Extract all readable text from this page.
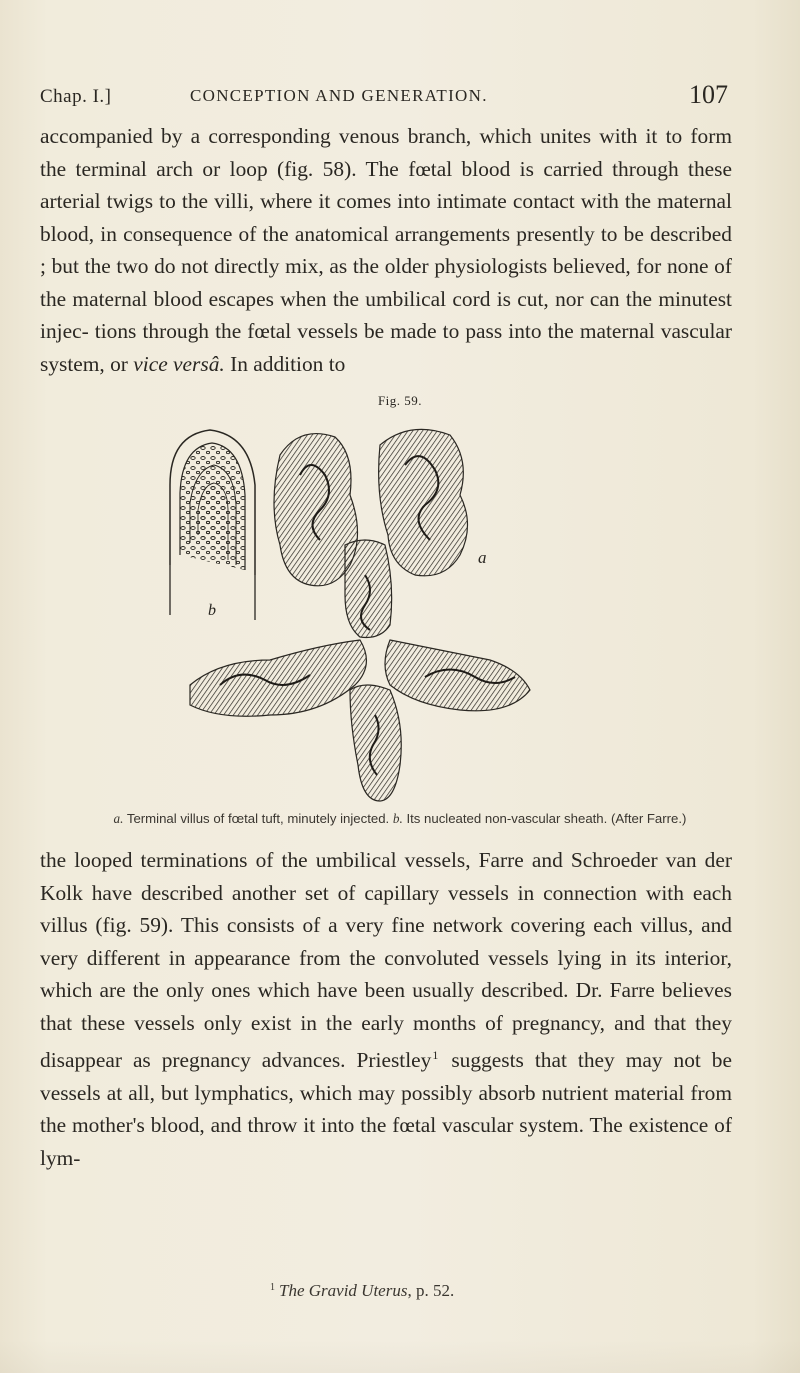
Chap. I.]	CONCEPTION AND GENERATION.	107

accompanied by a corresponding venous branch, which unites with it to form the terminal arch or loop (fig. 58). The fœtal blood is carried through these arterial twigs to the villi, where it comes into intimate contact with the maternal blood, in consequence of the anatomical arrangements presently to be described ; but the two do not directly mix, as the older physiologists believed, for none of the maternal blood escapes when the umbilical cord is cut, nor can the minutest injec- tions through the fœtal vessels be made to pass into the maternal vascular system, or vice versâ. In addition to

Fig. 59.
b
a
a. Terminal villus of fœtal tuft, minutely injected. b. Its nucleated non-vascular sheath. (After Farre.)

the looped terminations of the umbilical vessels, Farre and Schroeder van der Kolk have described another set of capillary vessels in connection with each villus (fig. 59). This consists of a very fine network covering each villus, and very different in appearance from the convoluted vessels lying in its interior, which are the only ones which have been usually described. Dr. Farre believes that these vessels only exist in the early months of pregnancy, and that they disappear as pregnancy advances. Priestley$^1$ suggests that they may not be vessels at all, but lymphatics, which may possibly absorb nutrient material from the mother's blood, and throw it into the fœtal vascular system. The existence of lym-

$^1$ The Gravid Uterus, p. 52.
